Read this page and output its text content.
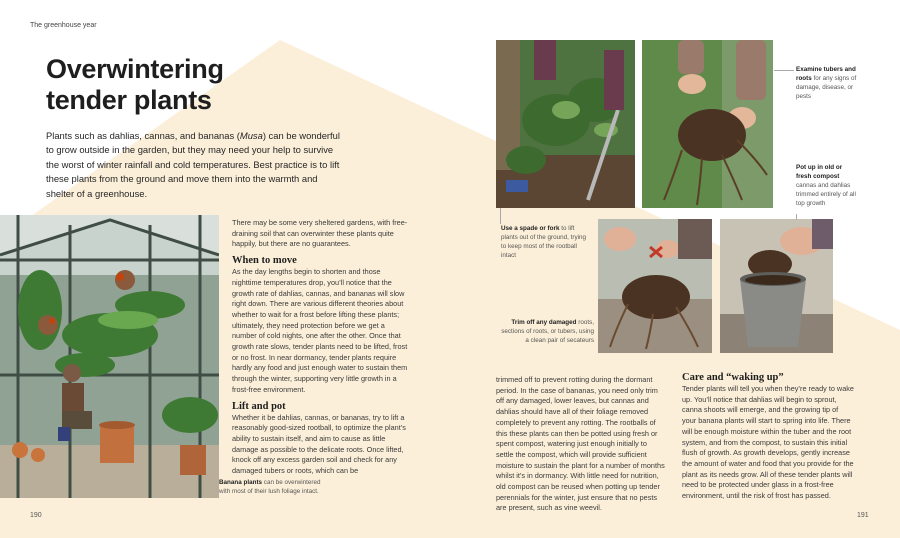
The greenhouse year
Overwintering
tender plants

Plants such as dahlias, cannas, and bananas (Musa) can be wonderful to grow outside in the garden, but they may need your help to survive the worst of winter rainfall and cold temperatures. Best practice is to lift these plants from the ground and move them into the warmth and shelter of a greenhouse.

There may be some very sheltered gardens, with free-draining soil that can overwinter these plants quite happily, but there are no guarantees.

When to move

As the day lengths begin to shorten and those nighttime temperatures drop, you’ll notice that the growth rate of dahlias, cannas, and bananas will slow right down. There are various different theories about whether to wait for a frost before lifting these plants; ultimately, they need protection before we get a number of cold nights, one after the other. Once that growth rate slows, tender plants need to be lifted, frost or no frost. In near dormancy, tender plants require hardly any food and just enough water to sustain them through the winter, supporting very little growth in a frost-free environment.

Lift and pot

Whether it be dahlias, cannas, or bananas, try to lift a reasonably good-sized rootball, to optimize the plant’s ability to sustain itself, and aim to cause as little damage as possible to the delicate roots. Once lifted, knock off any excess garden soil and check for any damaged tubers or roots, which can be

trimmed off to prevent rotting during the dormant period. In the case of bananas, you need only trim off any damaged, lower leaves, but cannas and dahlias should have all of their foliage removed completely to prevent any rotting. The rootballs of this these plants can then be potted using fresh or spent compost, watering just enough initially to settle the compost, which will provide sufficient moisture to sustain the plant for a number of months whilst it’s in dormancy. With little need for nutrition, old compost can be reused when potting up tender perennials for the winter, just ensure that no pests are present, such as vine weevil.

Care and “waking up”

Tender plants will tell you when they’re ready to wake up. You’ll notice that dahlias will begin to sprout, canna shoots will emerge, and the growing tip of your banana plants will start to spring into life. There will be enough moisture within the tuber and the root system, and from the compost, to sustain this initial flush of growth. As growth develops, gently increase the amount of water and food that you provide for the plant as its needs grow. All of these tender plants will need to be protected under glass in a frost-free environment, until the risk of frost has passed.

Banana plants can be overwintered with most of their lush foliage intact.

Use a spade or fork to lift plants out of the ground, trying to keep most of the rootball intact

Examine tubers and roots for any signs of damage, disease, or pests

Pot up in old or fresh compost cannas and dahlias trimmed entirely of all top growth

Trim off any damaged roots, sections of roots, or tubers, using a clean pair of secateurs

190	191
